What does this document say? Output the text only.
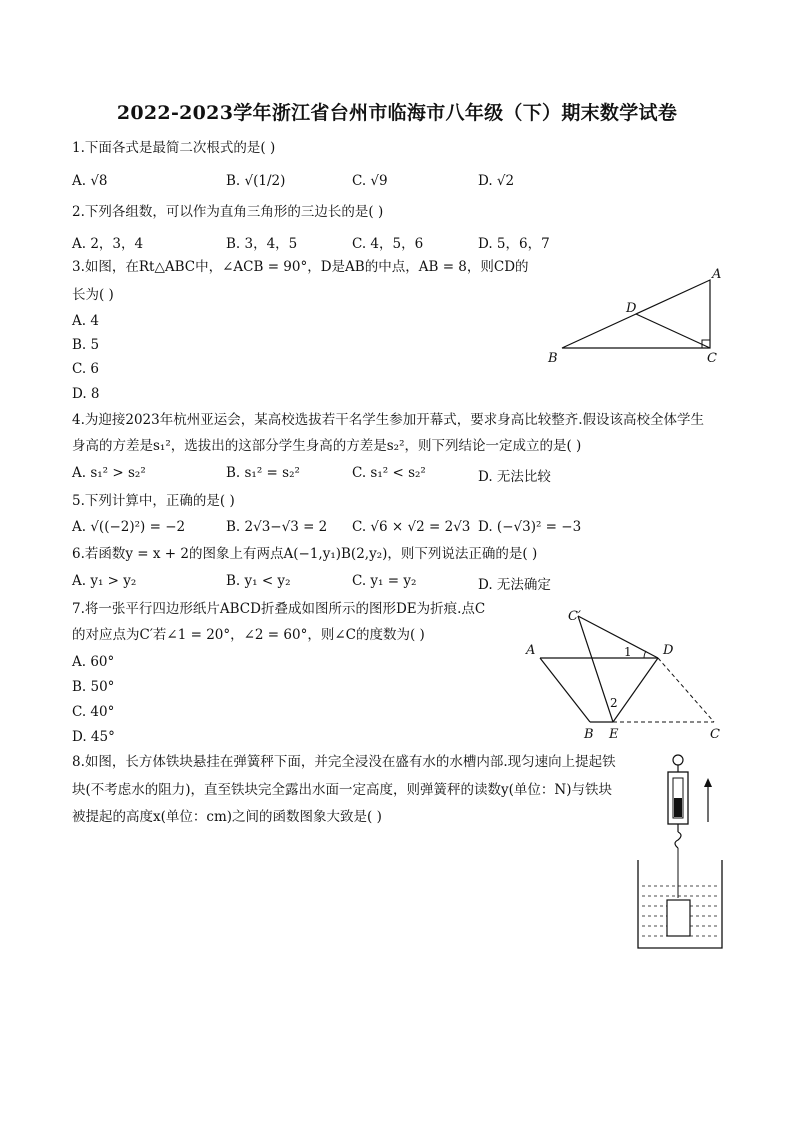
2022-2023学年浙江省台州市临海市八年级（下）期末数学试卷
1.下面各式是最简二次根式的是( )
A. √8	B. √(1/2)	C. √9	D. √2
2.下列各组数，可以作为直角三角形的三边长的是( )
A. 2，3，4	B. 3，4，5	C. 4，5，6	D. 5，6，7
3.如图，在Rt△ABC中，∠ACB = 90°，D是AB的中点，AB = 8，则CD的
长为( )
A. 4
B. 5
C. 6
D. 8
A
B	C
D
4.为迎接2023年杭州亚运会，某高校选拔若干名学生参加开幕式，要求身高比较整齐.假设该高校全体学生
身高的方差是s₁²，选拔出的这部分学生身高的方差是s₂²，则下列结论一定成立的是( )
A. s₁² > s₂²	B. s₁² = s₂²	C. s₁² < s₂²	D. 无法比较
5.下列计算中，正确的是( )
A. √((−2)²) = −2	B. 2√3−√3 = 2 C. √6 × √2 = 2√3 D. (−√3)² = −3
6.若函数y = x + 2的图象上有两点A(−1,y₁)B(2,y₂)，则下列说法正确的是( )
A. y₁ > y₂	B. y₁ < y₂	C. y₁ = y₂	D. 无法确定
7.将一张平行四边形纸片ABCD折叠成如图所示的图形DE为折痕.点C
的对应点为C′若∠1 = 20°，∠2 = 60°，则∠C的度数为( )
A. 60°
B. 50°
C. 40°
D. 45°
A
B E	C
C′
D
1
2
8.如图，长方体铁块悬挂在弹簧秤下面，并完全浸没在盛有水的水槽内部.现匀速向上提起铁
块(不考虑水的阻力)，直至铁块完全露出水面一定高度，则弹簧秤的读数y(单位：N)与铁块
被提起的高度x(单位：cm)之间的函数图象大致是( )
